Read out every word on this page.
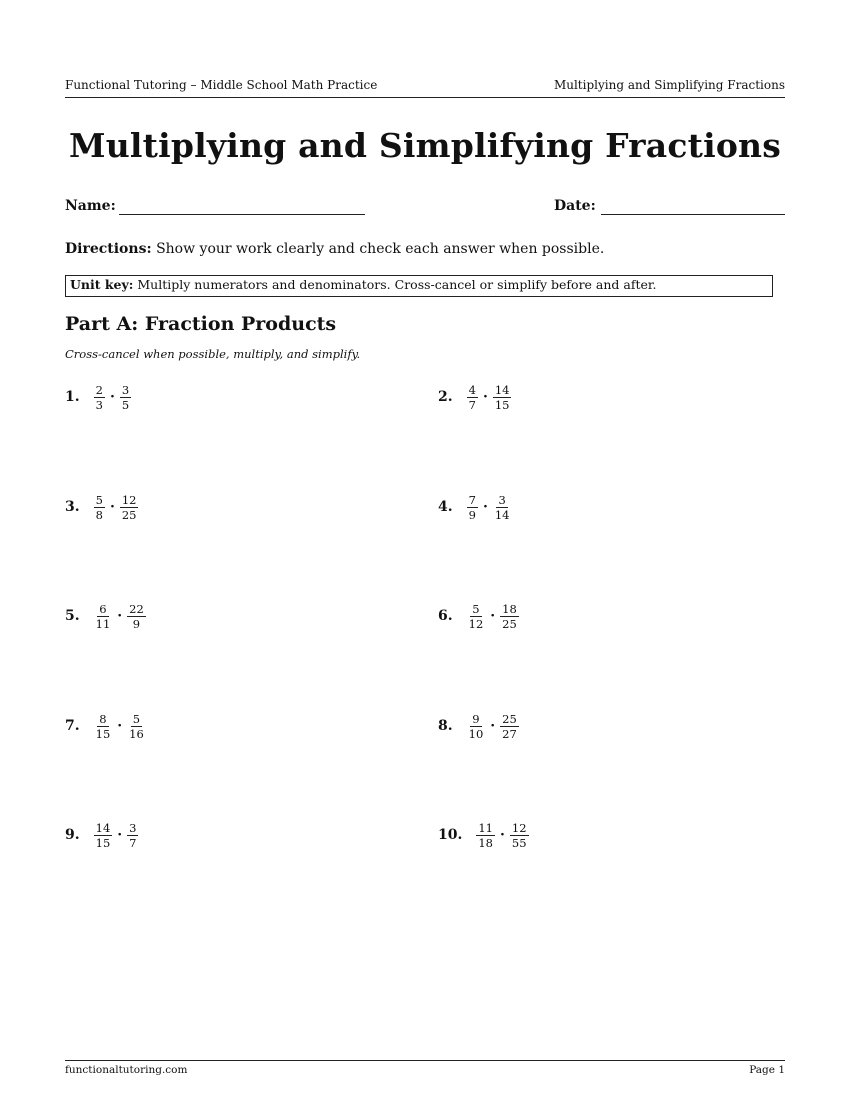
Functional Tutoring – Middle School Math Practice	Multiplying and Simplifying Fractions
Multiplying and Simplifying Fractions
Name:	Date:
Directions: Show your work clearly and check each answer when possible.
Unit key: Multiply numerators and denominators. Cross-cancel or simplify before and after.
Part A: Fraction Products
Cross-cancel when possible, multiply, and simplify.
1. $\frac{2}{3} \cdot \frac{3}{5}$	2. $\frac{4}{7} \cdot \frac{14}{15}$
3. $\frac{5}{8} \cdot \frac{12}{25}$	4. $\frac{7}{9} \cdot \frac{3}{14}$
5. $\frac{6}{11} \cdot \frac{22}{9}$	6. $\frac{5}{12} \cdot \frac{18}{25}$
7. $\frac{8}{15} \cdot \frac{5}{16}$	8. $\frac{9}{10} \cdot \frac{25}{27}$
9. $\frac{14}{15} \cdot \frac{3}{7}$	10. $\frac{11}{18} \cdot \frac{12}{55}$
functionaltutoring.com	Page 1
